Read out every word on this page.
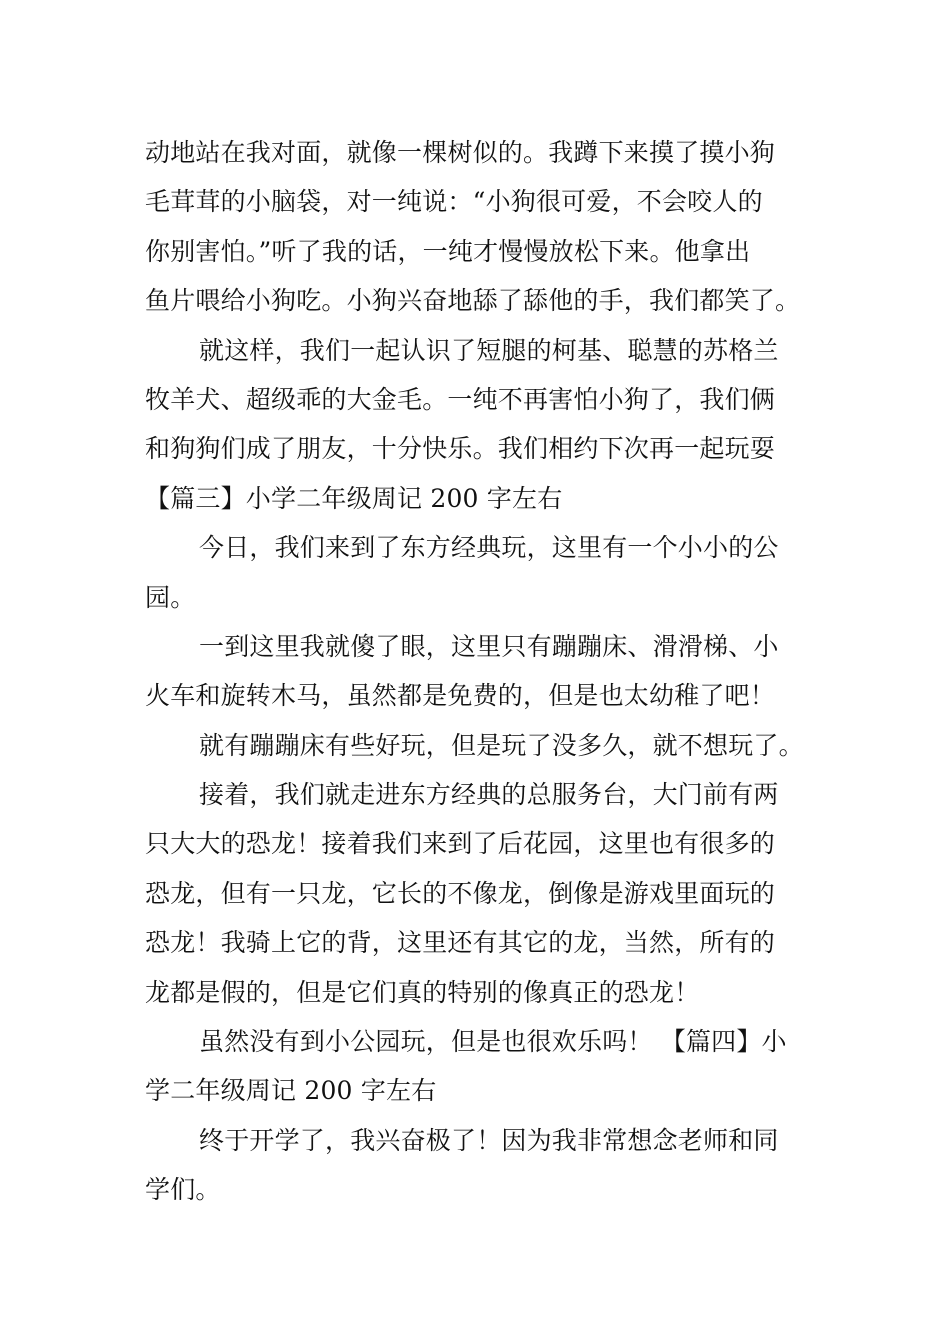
动地站在我对面，就像一棵树似的。我蹲下来摸了摸小狗
毛茸茸的小脑袋，对一纯说：“小狗很可爱，不会咬人的
你别害怕。”听了我的话，一纯才慢慢放松下来。他拿出
鱼片喂给小狗吃。小狗兴奋地舔了舔他的手，我们都笑了。
就这样，我们一起认识了短腿的柯基、聪慧的苏格兰
牧羊犬、超级乖的大金毛。一纯不再害怕小狗了，我们俩
和狗狗们成了朋友，十分快乐。我们相约下次再一起玩耍
【篇三】小学二年级周记 200 字左右
今日，我们来到了东方经典玩，这里有一个小小的公
园。
一到这里我就傻了眼，这里只有蹦蹦床、滑滑梯、小
火车和旋转木马，虽然都是免费的，但是也太幼稚了吧！
就有蹦蹦床有些好玩，但是玩了没多久，就不想玩了。
接着，我们就走进东方经典的总服务台，大门前有两
只大大的恐龙！接着我们来到了后花园，这里也有很多的
恐龙，但有一只龙，它长的不像龙，倒像是游戏里面玩的
恐龙！我骑上它的背，这里还有其它的龙，当然，所有的
龙都是假的，但是它们真的特别的像真正的恐龙！
虽然没有到小公园玩，但是也很欢乐吗！ 【篇四】小
学二年级周记 200 字左右
终于开学了，我兴奋极了！因为我非常想念老师和同
学们。
